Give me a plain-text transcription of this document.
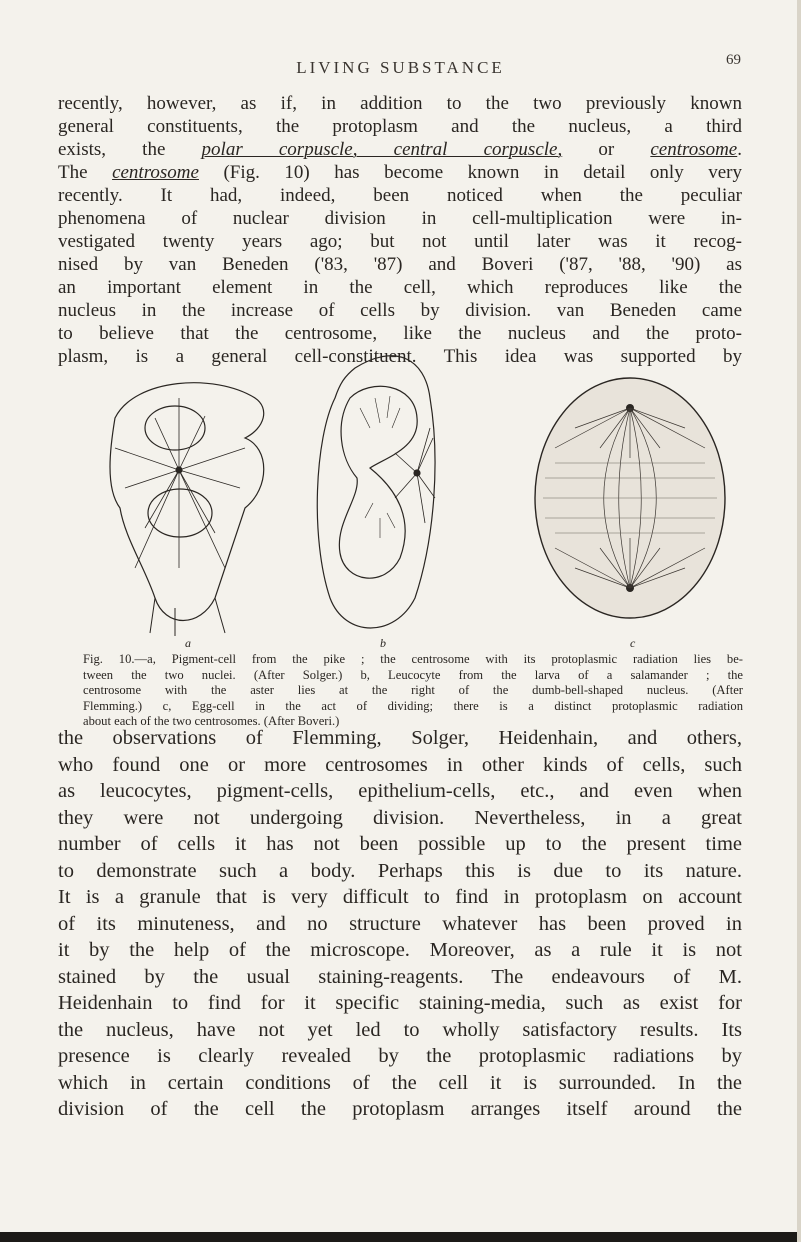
LIVING SUBSTANCE	69
recently, however, as if, in addition to the two previously known
general constituents, the protoplasm and the nucleus, a third
exists, the polar corpuscle, central corpuscle, or centrosome.
The centrosome (Fig. 10) has become known in detail only very
recently. It had, indeed, been noticed when the peculiar
phenomena of nuclear division in cell-multiplication were in-
vestigated twenty years ago; but not until later was it recog-
nised by van Beneden ('83, '87) and Boveri ('87, '88, '90) as
an important element in the cell, which reproduces like the
nucleus in the increase of cells by division. van Beneden came
to believe that the centrosome, like the nucleus and the proto-
plasm, is a general cell-constituent. This idea was supported by
a	b	c
Fig. 10.—a, Pigment-cell from the pike ; the centrosome with its protoplasmic radiation lies be-
tween the two nuclei. (After Solger.) b, Leucocyte from the larva of a salamander ; the
centrosome with the aster lies at the right of the dumb-bell-shaped nucleus. (After
Flemming.) c, Egg-cell in the act of dividing; there is a distinct protoplasmic radiation
about each of the two centrosomes. (After Boveri.)
the observations of Flemming, Solger, Heidenhain, and others,
who found one or more centrosomes in other kinds of cells, such
as leucocytes, pigment-cells, epithelium-cells, etc., and even when
they were not undergoing division. Nevertheless, in a great
number of cells it has not been possible up to the present time
to demonstrate such a body. Perhaps this is due to its nature.
It is a granule that is very difficult to find in protoplasm on account
of its minuteness, and no structure whatever has been proved in
it by the help of the microscope. Moreover, as a rule it is not
stained by the usual staining-reagents. The endeavours of M.
Heidenhain to find for it specific staining-media, such as exist for
the nucleus, have not yet led to wholly satisfactory results. Its
presence is clearly revealed by the protoplasmic radiations by
which in certain conditions of the cell it is surrounded. In the
division of the cell the protoplasm arranges itself around the
